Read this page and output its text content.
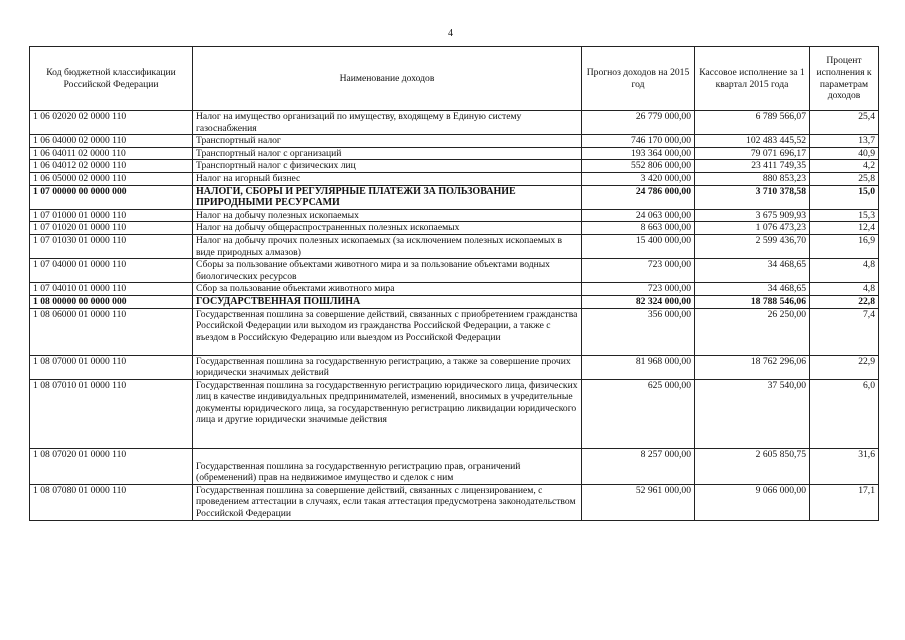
4
Код бюджетной классификации Российской Федерации	Наименование доходов	Прогноз доходов на 2015 год	Кассовое исполнение за 1 квартал 2015 года	Процент исполнения к параметрам доходов
1 06 02020 02 0000 110	Налог на имущество организаций по имуществу, входящему в Единую систему газоснабжения	26 779 000,00	6 789 566,07	25,4
1 06 04000 02 0000 110	Транспортный налог	746 170 000,00	102 483 445,52	13,7
1 06 04011 02 0000 110	Транспортный налог с организаций	193 364 000,00	79 071 696,17	40,9
1 06 04012 02 0000 110	Транспортный налог с физических лиц	552 806 000,00	23 411 749,35	4,2
1 06 05000 02 0000 110	Налог на игорный бизнес	3 420 000,00	880 853,23	25,8
1 07 00000 00 0000 000	НАЛОГИ, СБОРЫ И РЕГУЛЯРНЫЕ ПЛАТЕЖИ ЗА ПОЛЬЗОВАНИЕ ПРИРОДНЫМИ РЕСУРСАМИ	24 786 000,00	3 710 378,58	15,0
1 07 01000 01 0000 110	Налог на добычу полезных ископаемых	24 063 000,00	3 675 909,93	15,3
1 07 01020 01 0000 110	Налог на добычу общераспространенных полезных ископаемых	8 663 000,00	1 076 473,23	12,4
1 07 01030 01 0000 110	Налог на добычу прочих полезных ископаемых (за исключением полезных ископаемых в виде природных алмазов)	15 400 000,00	2 599 436,70	16,9
1 07 04000 01 0000 110	Сборы за пользование объектами животного мира и за пользование объектами водных биологических ресурсов	723 000,00	34 468,65	4,8
1 07 04010 01 0000 110	Сбор за пользование объектами животного мира	723 000,00	34 468,65	4,8
1 08 00000 00 0000 000	ГОСУДАРСТВЕННАЯ ПОШЛИНА	82 324 000,00	18 788 546,06	22,8
1 08 06000 01 0000 110	Государственная пошлина за совершение действий, связанных с приобретением гражданства Российской Федерации или выходом из гражданства Российской Федерации, а также с въездом в Российскую Федерацию или выездом из Российской Федерации	356 000,00	26 250,00	7,4
1 08 07000 01 0000 110	Государственная пошлина за государственную регистрацию, а также за совершение прочих юридически значимых действий	81 968 000,00	18 762 296,06	22,9
1 08 07010 01 0000 110	Государственная пошлина за государственную регистрацию юридического лица, физических лиц в качестве индивидуальных предпринимателей, изменений, вносимых в учредительные документы юридического лица, за государственную регистрацию ликвидации юридического лица и другие юридически значимые действия	625 000,00	37 540,00	6,0
1 08 07020 01 0000 110	Государственная пошлина за государственную регистрацию прав, ограничений (обременений) прав на недвижимое имущество и сделок с ним	8 257 000,00	2 605 850,75	31,6
1 08 07080 01 0000 110	Государственная пошлина за совершение действий, связанных с лицензированием, с проведением аттестации в случаях, если такая аттестация предусмотрена законодательством Российской Федерации	52 961 000,00	9 066 000,00	17,1
